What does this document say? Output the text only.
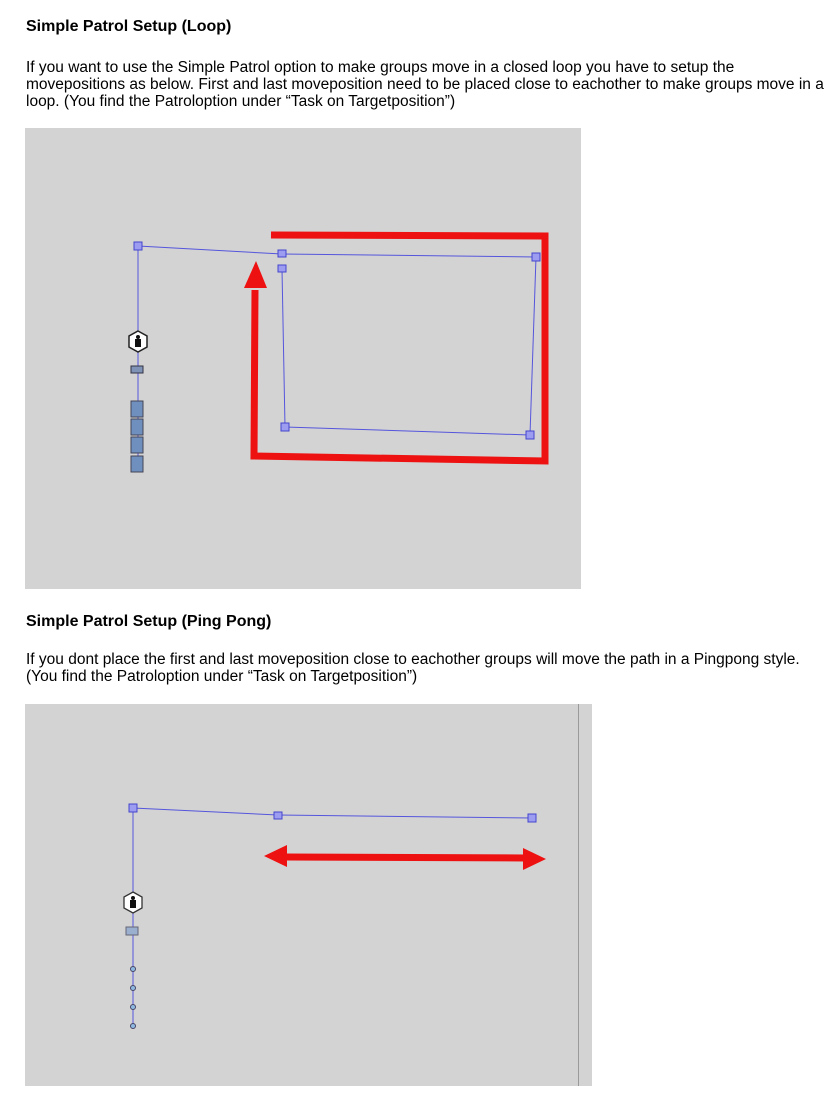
Simple Patrol Setup (Loop)

If you want to use the Simple Patrol option to make groups move in a closed loop you have to setup the movepositions as below. First and last moveposition need to be placed close to eachother to make groups move in a loop. (You find the Patroloption under “Task on Targetposition”)

Simple Patrol Setup (Ping Pong)

If you dont place the first and last moveposition close to eachother groups will move the path in a Pingpong style. (You find the Patroloption under “Task on Targetposition”)
